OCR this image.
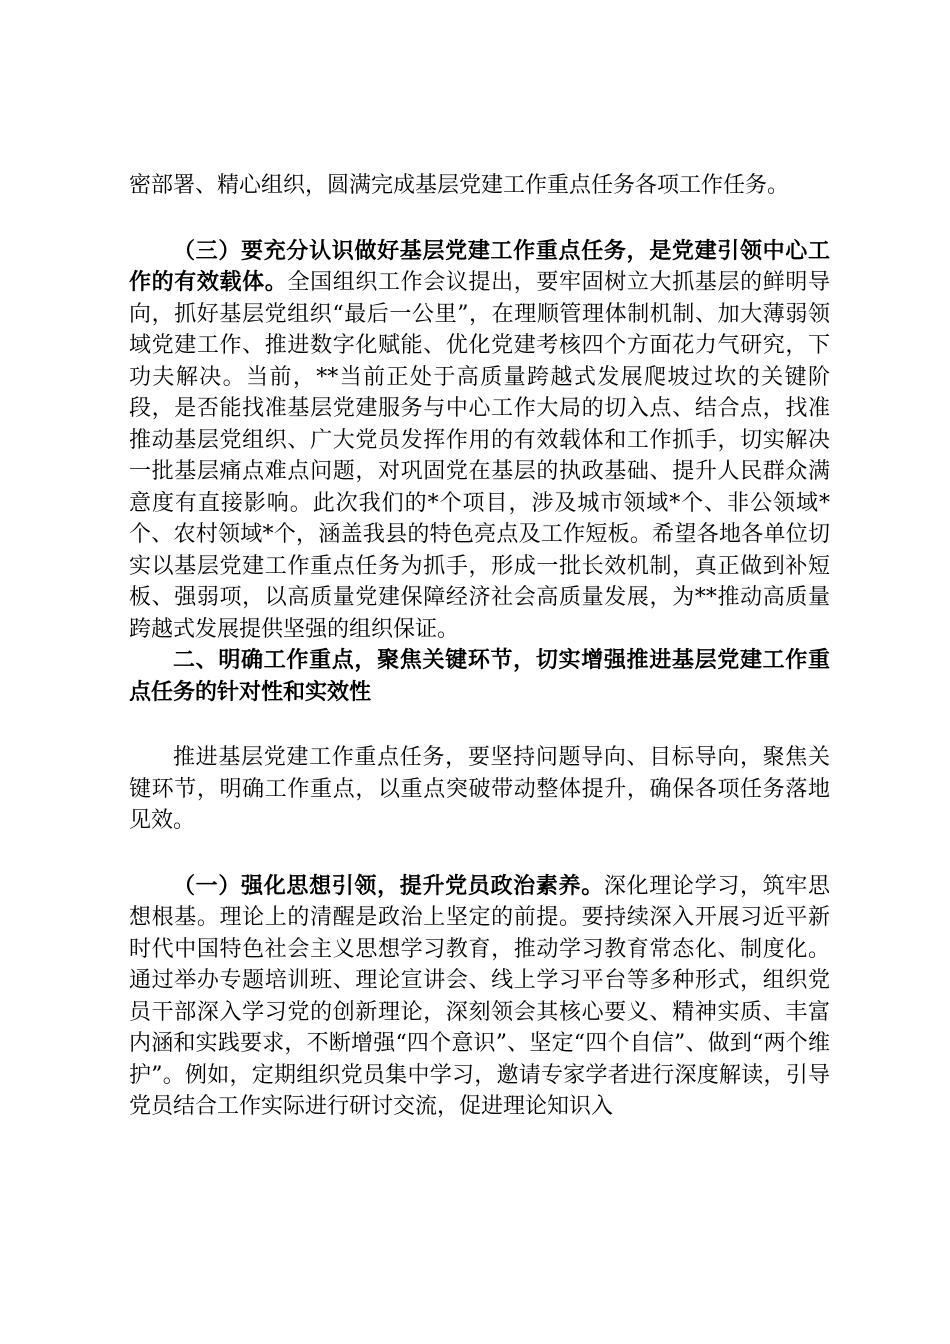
密部署、精心组织，圆满完成基层党建工作重点任务各项工作任务。

（三）要充分认识做好基层党建工作重点任务，是党建引领中心工作的有效载体。全国组织工作会议提出，要牢固树立大抓基层的鲜明导向，抓好基层党组织“最后一公里”，在理顺管理体制机制、加大薄弱领域党建工作、推进数字化赋能、优化党建考核四个方面花力气研究，下功夫解决。当前，**当前正处于高质量跨越式发展爬坡过坎的关键阶段，是否能找准基层党建服务与中心工作大局的切入点、结合点，找准推动基层党组织、广大党员发挥作用的有效载体和工作抓手，切实解决一批基层痛点难点问题，对巩固党在基层的执政基础、提升人民群众满意度有直接影响。此次我们的*个项目，涉及城市领域*个、非公领域*个、农村领域*个，涵盖我县的特色亮点及工作短板。希望各地各单位切实以基层党建工作重点任务为抓手，形成一批长效机制，真正做到补短板、强弱项，以高质量党建保障经济社会高质量发展，为**推动高质量跨越式发展提供坚强的组织保证。

二、明确工作重点，聚焦关键环节，切实增强推进基层党建工作重点任务的针对性和实效性

推进基层党建工作重点任务，要坚持问题导向、目标导向，聚焦关键环节，明确工作重点，以重点突破带动整体提升，确保各项任务落地见效。

（一）强化思想引领，提升党员政治素养。深化理论学习，筑牢思想根基。理论上的清醒是政治上坚定的前提。要持续深入开展习近平新时代中国特色社会主义思想学习教育，推动学习教育常态化、制度化。通过举办专题培训班、理论宣讲会、线上学习平台等多种形式，组织党员干部深入学习党的创新理论，深刻领会其核心要义、精神实质、丰富内涵和实践要求，不断增强“四个意识”、坚定“四个自信”、做到“两个维护”。例如，定期组织党员集中学习，邀请专家学者进行深度解读，引导党员结合工作实际进行研讨交流，促进理论知识入
